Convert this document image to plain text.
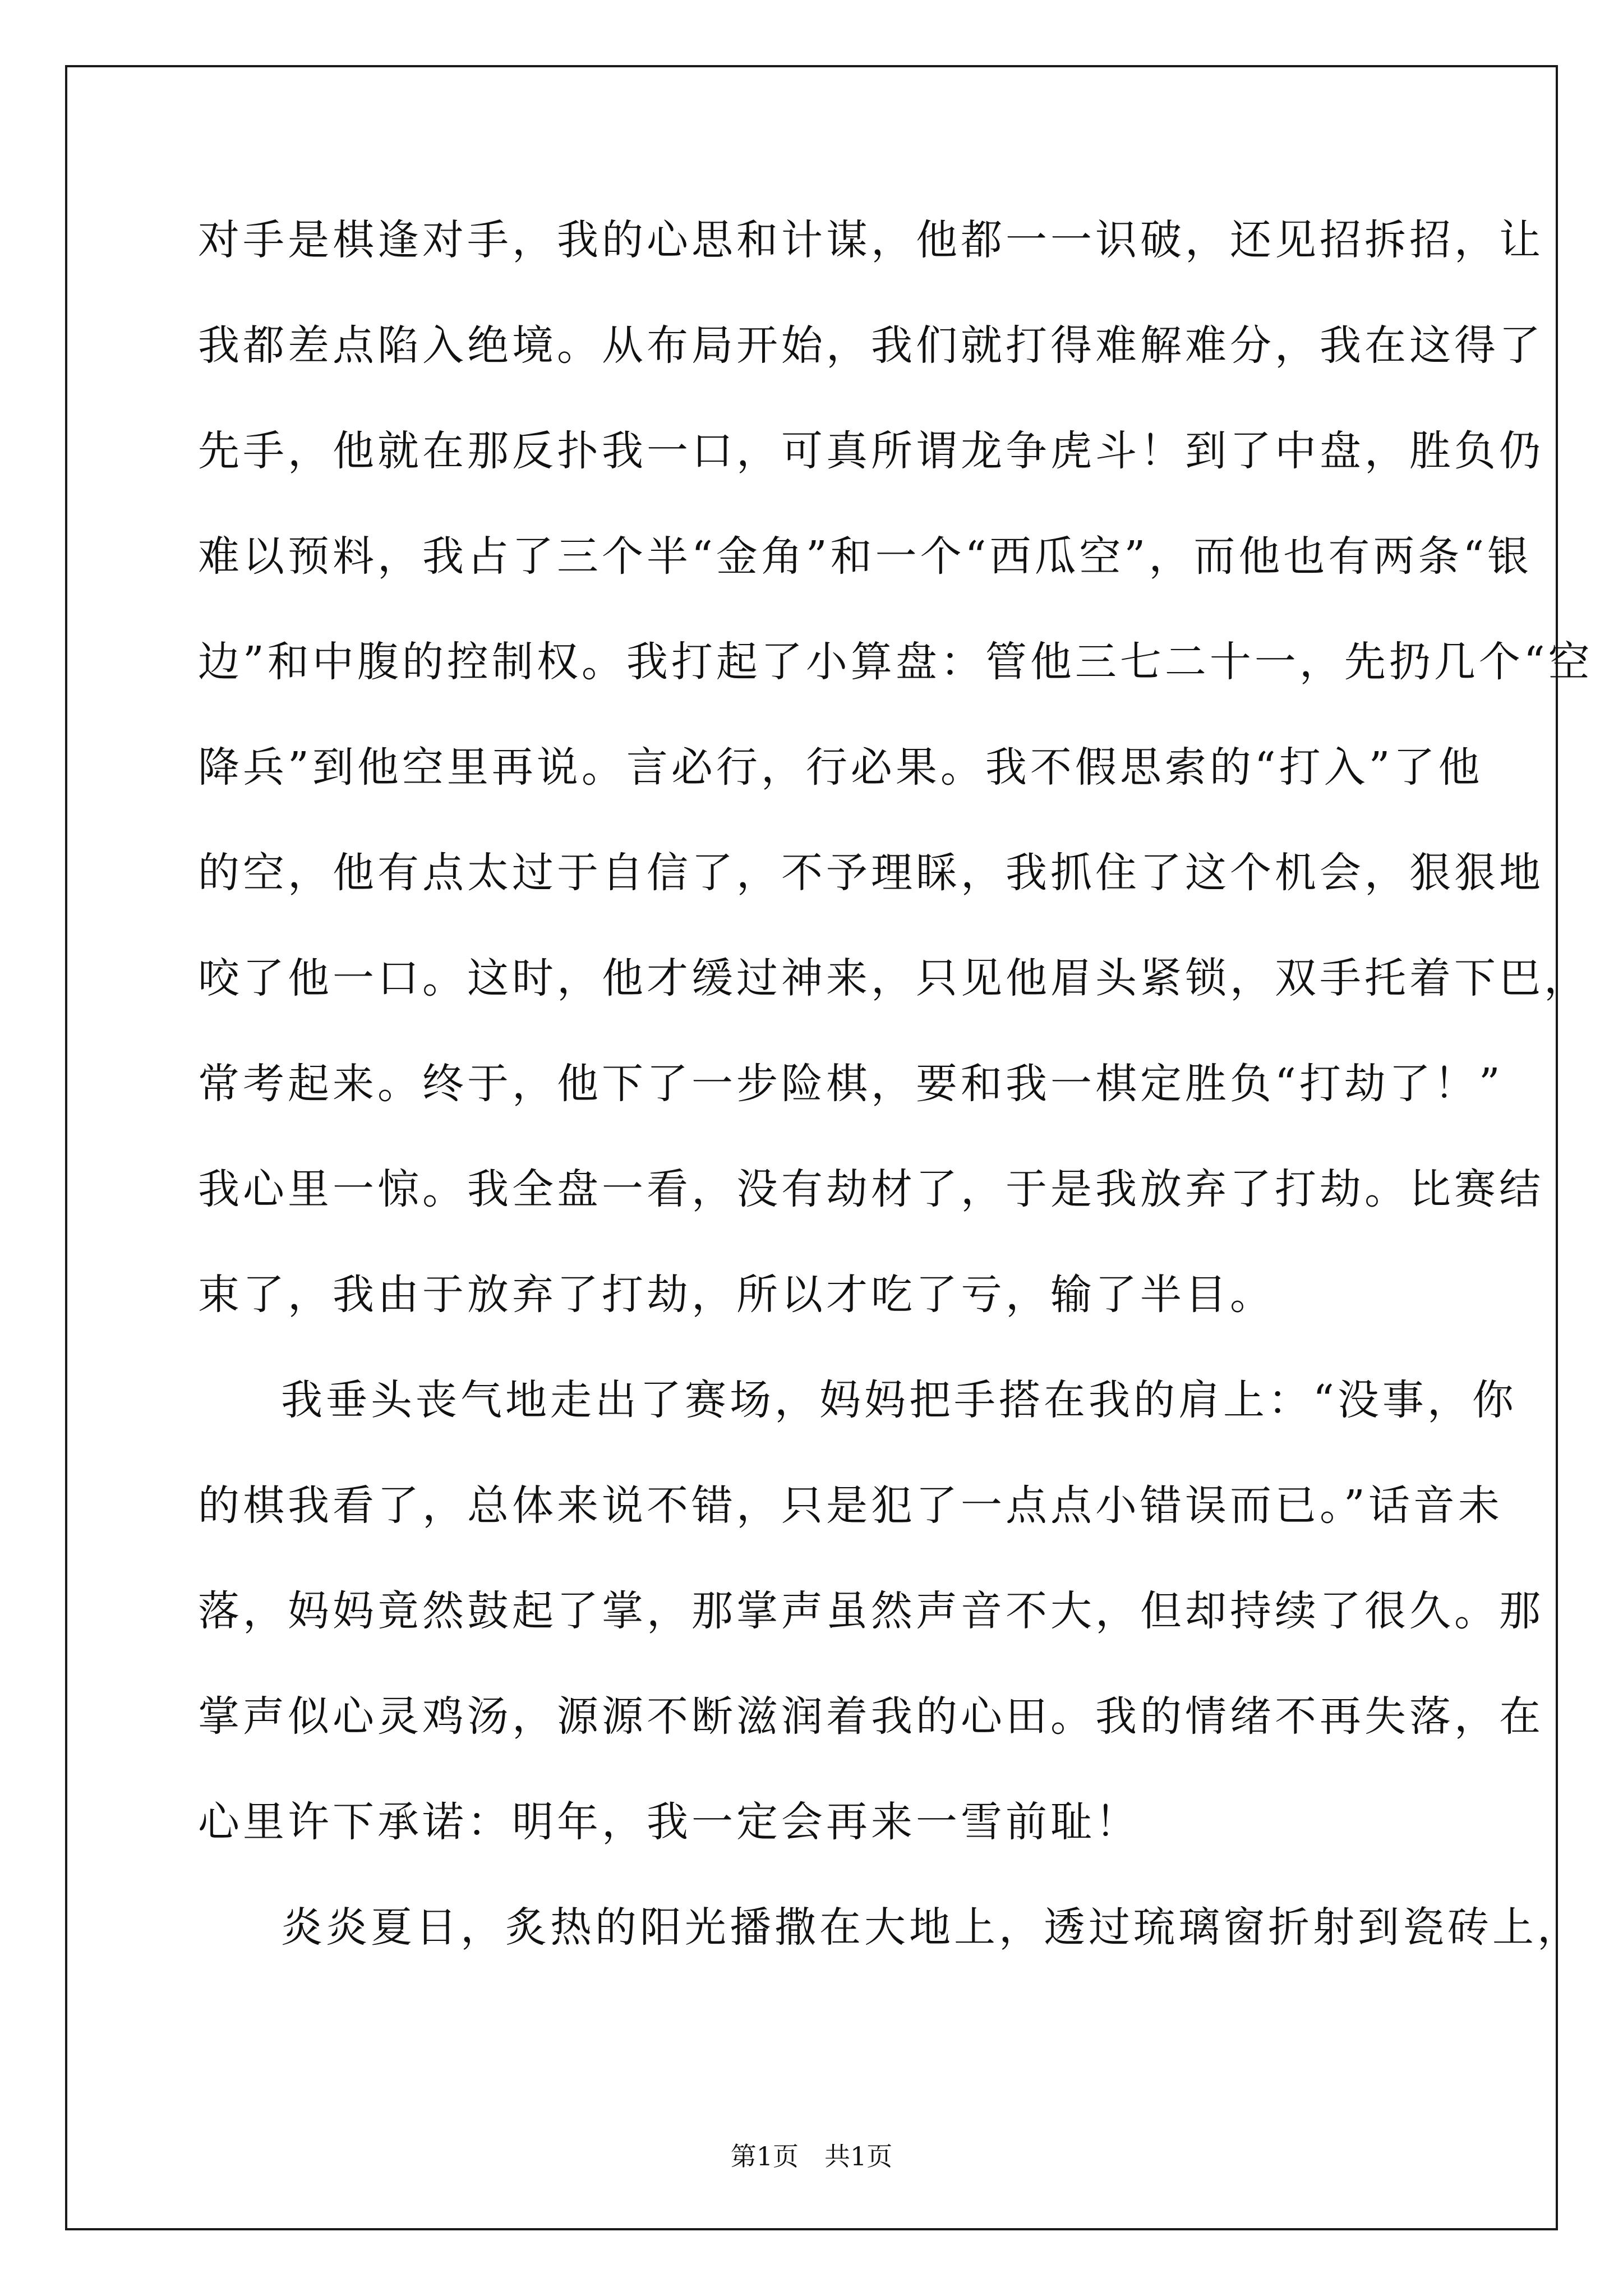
对手是棋逢对手，我的心思和计谋，他都一一识破，还见招拆招，让
我都差点陷入绝境。从布局开始，我们就打得难解难分，我在这得了
先手，他就在那反扑我一口，可真所谓龙争虎斗！到了中盘，胜负仍
难以预料，我占了三个半“金角”和一个“西瓜空”，而他也有两条“银
边”和中腹的控制权。我打起了小算盘：管他三七二十一，先扔几个“空
降兵”到他空里再说。言必行，行必果。我不假思索的“打入”了他
的空，他有点太过于自信了，不予理睬，我抓住了这个机会，狠狠地
咬了他一口。这时，他才缓过神来，只见他眉头紧锁，双手托着下巴，
常考起来。终于，他下了一步险棋，要和我一棋定胜负“打劫了！”
我心里一惊。我全盘一看，没有劫材了，于是我放弃了打劫。比赛结
束了，我由于放弃了打劫，所以才吃了亏，输了半目。
我垂头丧气地走出了赛场，妈妈把手搭在我的肩上：“没事，你
的棋我看了，总体来说不错，只是犯了一点点小错误而已。”话音未
落，妈妈竟然鼓起了掌，那掌声虽然声音不大，但却持续了很久。那
掌声似心灵鸡汤，源源不断滋润着我的心田。我的情绪不再失落，在
心里许下承诺：明年，我一定会再来一雪前耻！
炎炎夏日，炙热的阳光播撒在大地上，透过琉璃窗折射到瓷砖上，
第1页　共1页
